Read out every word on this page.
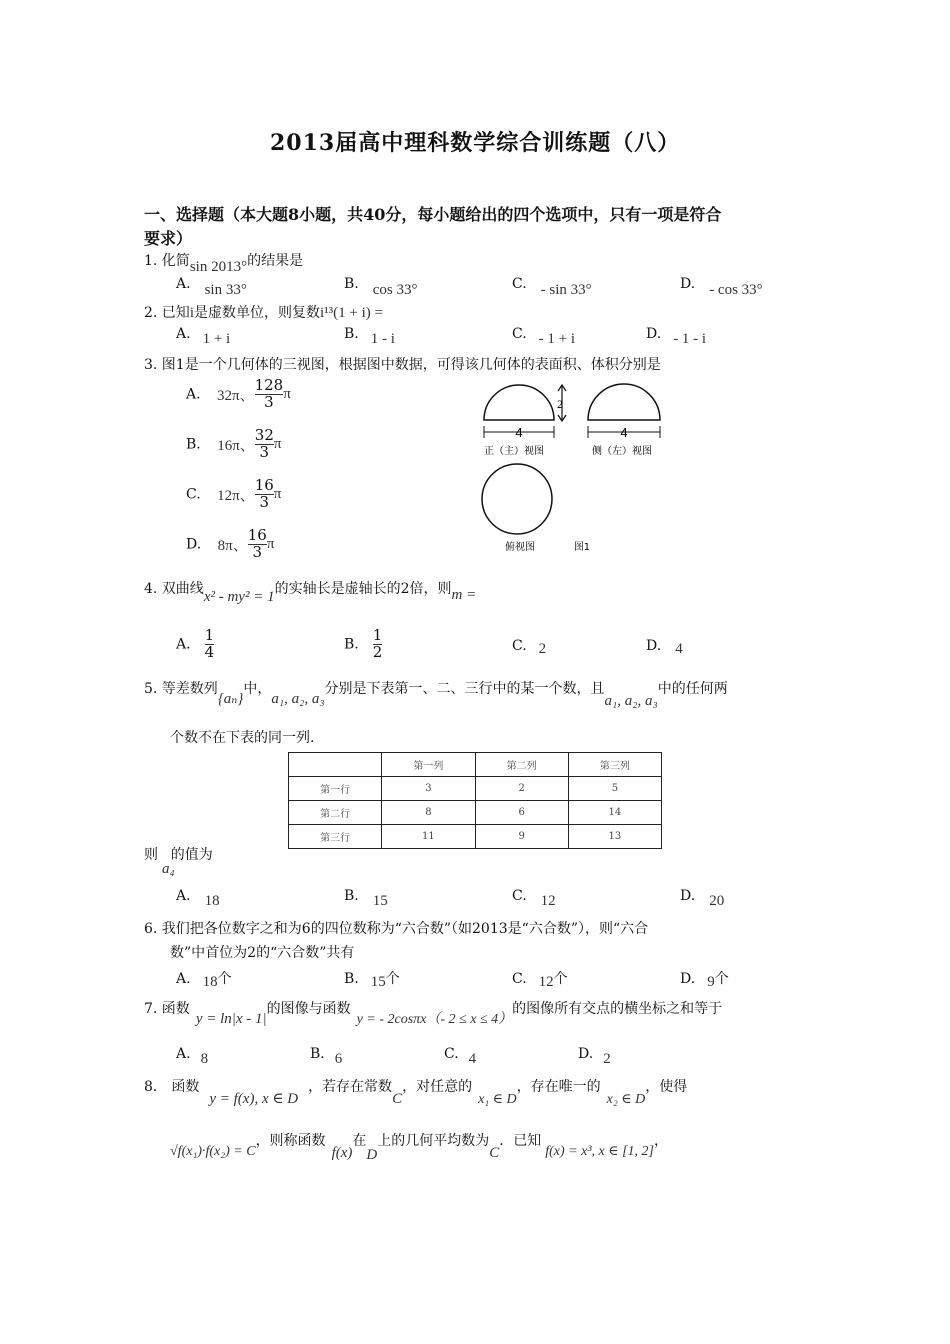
2013届高中理科数学综合训练题（八）
一、选择题（本大题8小题，共40分，每小题给出的四个选项中，只有一项是符合
要求）
1. 化简sin 2013°的结果是
A. sin 33°	B. cos 33°	C. - sin 33°	D. - cos 33°
2. 已知i是虚数单位，则复数i¹³(1 + i) =
A. 1 + i	B. 1 - i	C. - 1 + i	D. - 1 - i
3. 图1是一个几何体的三视图，根据图中数据，可得该几何体的表面积、体积分别是
A. 32π、 $\frac{128}{3}$ π
B. 16π、 $\frac{32}{3}$ π
C. 12π、 $\frac{16}{3}$ π
D. 8π、 $\frac{16}{3}$ π
2
4
正（主）视图
4
侧（左）视图
俯视图	图1
4. 双曲线x² - my² = 1的实轴长是虚轴长的2倍，则m =
A. $\frac{1}{4}$	B. $\frac{1}{2}$	C. 2	D. 4
5. 等差数列{aₙ}中，a₁, a₂, a₃分别是下表第一、二、三行中的某一个数，且a₁, a₂, a₃中的任何两
个数不在下表的同一列.
	第一列	第二列	第三列
第一行	3	2	5
第二行	8	6	14
第三行	11	9	13
则a₄的值为
A. 18	B. 15	C. 12	D. 20
6. 我们把各位数字之和为6的四位数称为“六合数”（如2013是“六合数”），则“六合
数”中首位为2的“六合数”共有
A. 18个	B. 15个	C. 12个	D. 9个
7. 函数y = ln|x - 1|的图像与函数y = - 2cosπx（- 2 ≤ x ≤ 4）的图像所有交点的横坐标之和等于
A. 8	B. 6	C. 4	D. 2
8． 函数y = f(x), x ∈ D，若存在常数C，对任意的x₁ ∈ D，存在唯一的x₂ ∈ D，使得
√f(x₁)·f(x₂) = C，则称函数f(x)在D上的几何平均数为C．已知f(x) = x³, x ∈ [1, 2]，
